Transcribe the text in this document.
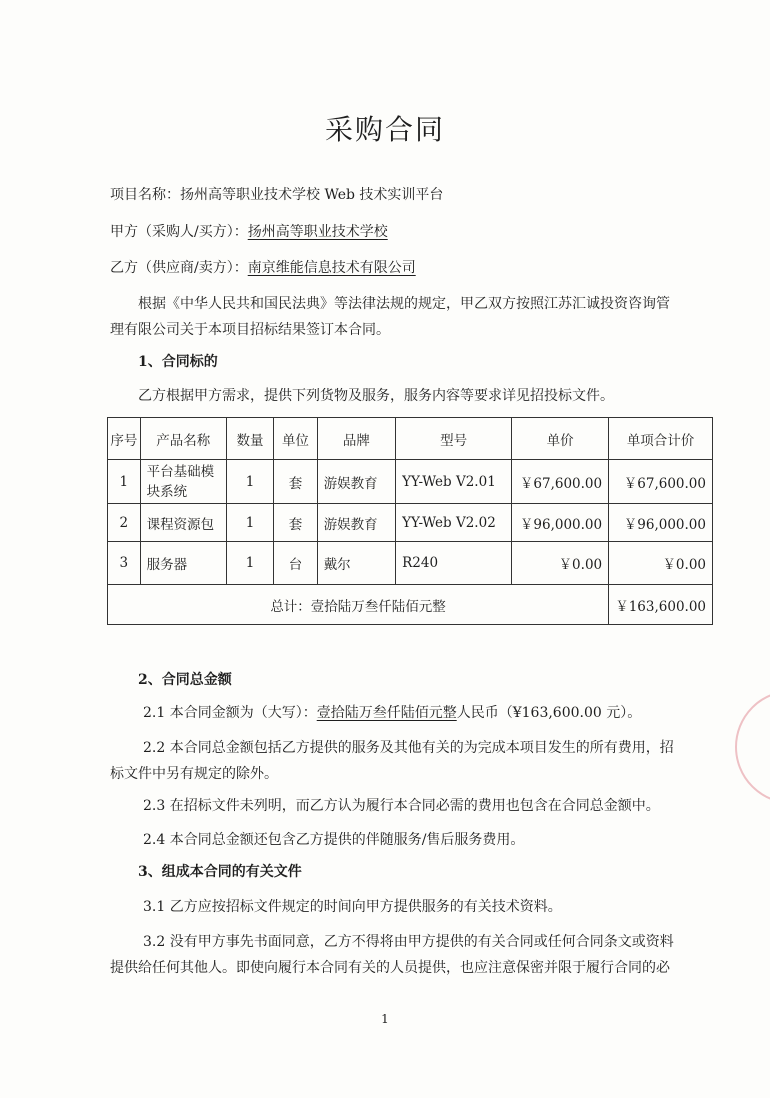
采购合同
项目名称：扬州高等职业技术学校 Web 技术实训平台
甲方（采购人/买方）：扬州高等职业技术学校
乙方（供应商/卖方）：南京维能信息技术有限公司
根据《中华人民共和国民法典》等法律法规的规定，甲乙双方按照江苏汇诚投资咨询管
理有限公司关于本项目招标结果签订本合同。
1、合同标的
乙方根据甲方需求，提供下列货物及服务，服务内容等要求详见招投标文件。
序号	产品名称	数量	单位	品牌	型号	单价	单项合计价
1	平台基础模块系统	1	套	游娱教育	YY-Web V2.01	￥67,600.00	￥67,600.00
2	课程资源包	1	套	游娱教育	YY-Web V2.02	￥96,000.00	￥96,000.00
3	服务器	1	台	戴尔	R240	￥0.00	￥0.00
总计：壹拾陆万叁仟陆佰元整							￥163,600.00
2、合同总金额
2.1 本合同金额为（大写）：壹拾陆万叁仟陆佰元整人民币（¥163,600.00 元）。
2.2 本合同总金额包括乙方提供的服务及其他有关的为完成本项目发生的所有费用，招
标文件中另有规定的除外。
2.3 在招标文件未列明，而乙方认为履行本合同必需的费用也包含在合同总金额中。
2.4 本合同总金额还包含乙方提供的伴随服务/售后服务费用。
3、组成本合同的有关文件
3.1 乙方应按招标文件规定的时间向甲方提供服务的有关技术资料。
3.2 没有甲方事先书面同意，乙方不得将由甲方提供的有关合同或任何合同条文或资料
提供给任何其他人。即使向履行本合同有关的人员提供，也应注意保密并限于履行合同的必
1
